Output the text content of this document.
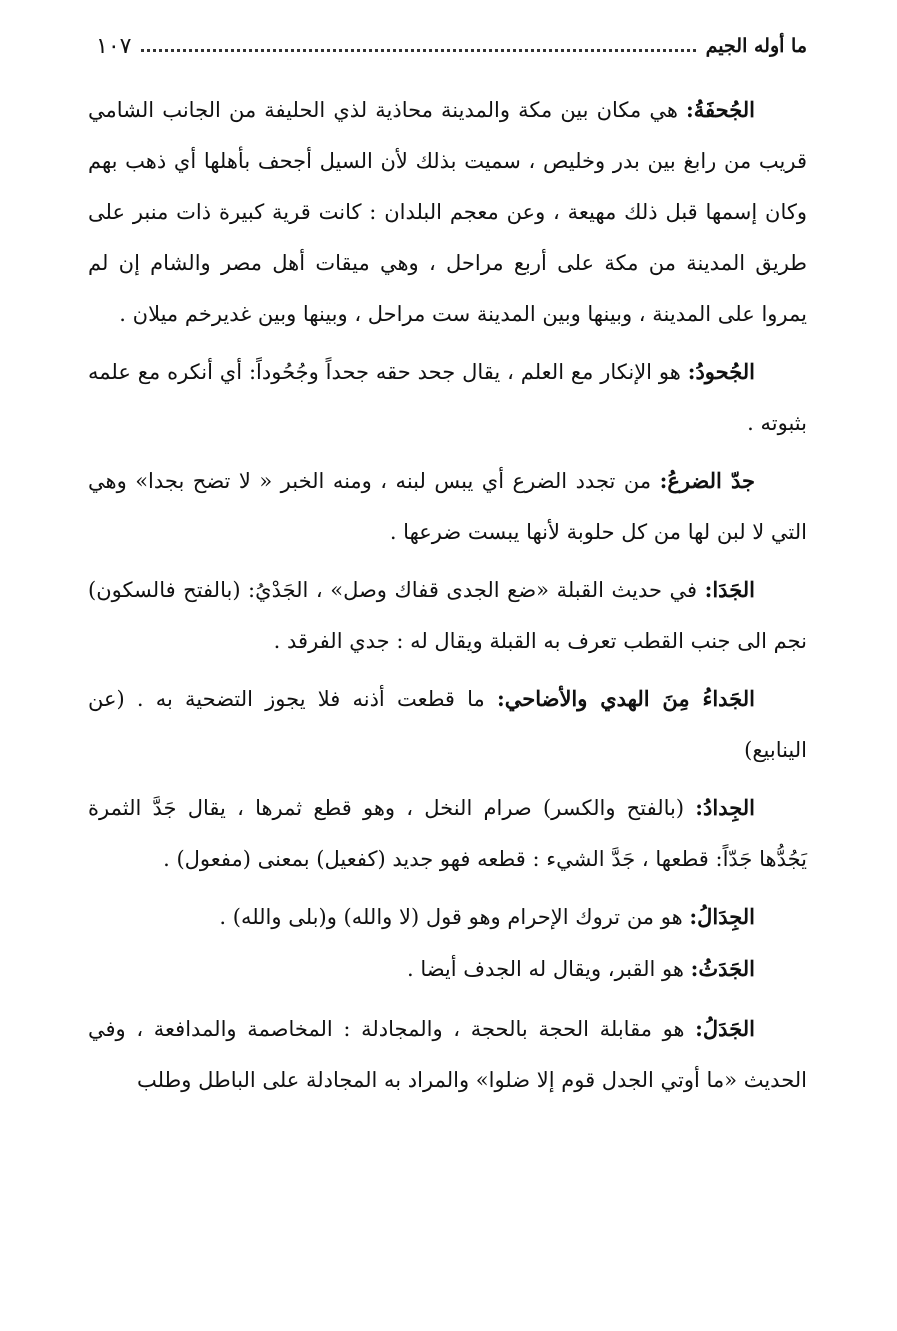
ما أوله الجيم
١٠٧

الجُحفَةُ: هي مكان بين مكة والمدينة محاذية لذي الحليفة من الجانب الشامي قريب من رابغ بين بدر وخليص ، سميت بذلك لأن السيل أجحف بأهلها أي ذهب بهم وكان إسمها قبل ذلك مهيعة ، وعن معجم البلدان : كانت قرية كبيرة ذات منبر على طريق المدينة من مكة على أربع مراحل ، وهي ميقات أهل مصر والشام إن لم يمروا على المدينة ، وبينها وبين المدينة ست مراحل ، وبينها وبين غديرخم ميلان .

الجُحودُ: هو الإنكار مع العلم ، يقال جحد حقه جحداً وجُحُوداً: أي أنكره مع علمه بثبوته .

جدّ الضرعُ: من تجدد الضرع أي يبس لبنه ، ومنه الخبر « لا تضح بجدا» وهي التي لا لبن لها من كل حلوبة لأنها يبست ضرعها .

الجَدَا: في حديث القبلة «ضع الجدى قفاك وصل» ، الجَدْيُ: (بالفتح فالسكون) نجم الى جنب القطب تعرف به القبلة ويقال له : جدي الفرقد .

الجَداءُ مِنَ الهدي والأضاحي: ما قطعت أذنه فلا يجوز التضحية به . (عن الينابيع)

الجِدادُ: (بالفتح والكسر) صرام النخل ، وهو قطع ثمرها ، يقال جَدَّ الثمرة يَجُدُّها جَدّاً: قطعها ، جَدَّ الشيء : قطعه فهو جديد (كفعيل) بمعنى (مفعول) .

الجِدَالُ: هو من تروك الإحرام وهو قول (لا والله) و(بلى والله) .

الجَدَثُ: هو القبر، ويقال له الجدف أيضا .

الجَدَلُ: هو مقابلة الحجة بالحجة ، والمجادلة : المخاصمة والمدافعة ، وفي الحديث «ما أوتي الجدل قوم إلا ضلوا» والمراد به المجادلة على الباطل وطلب
